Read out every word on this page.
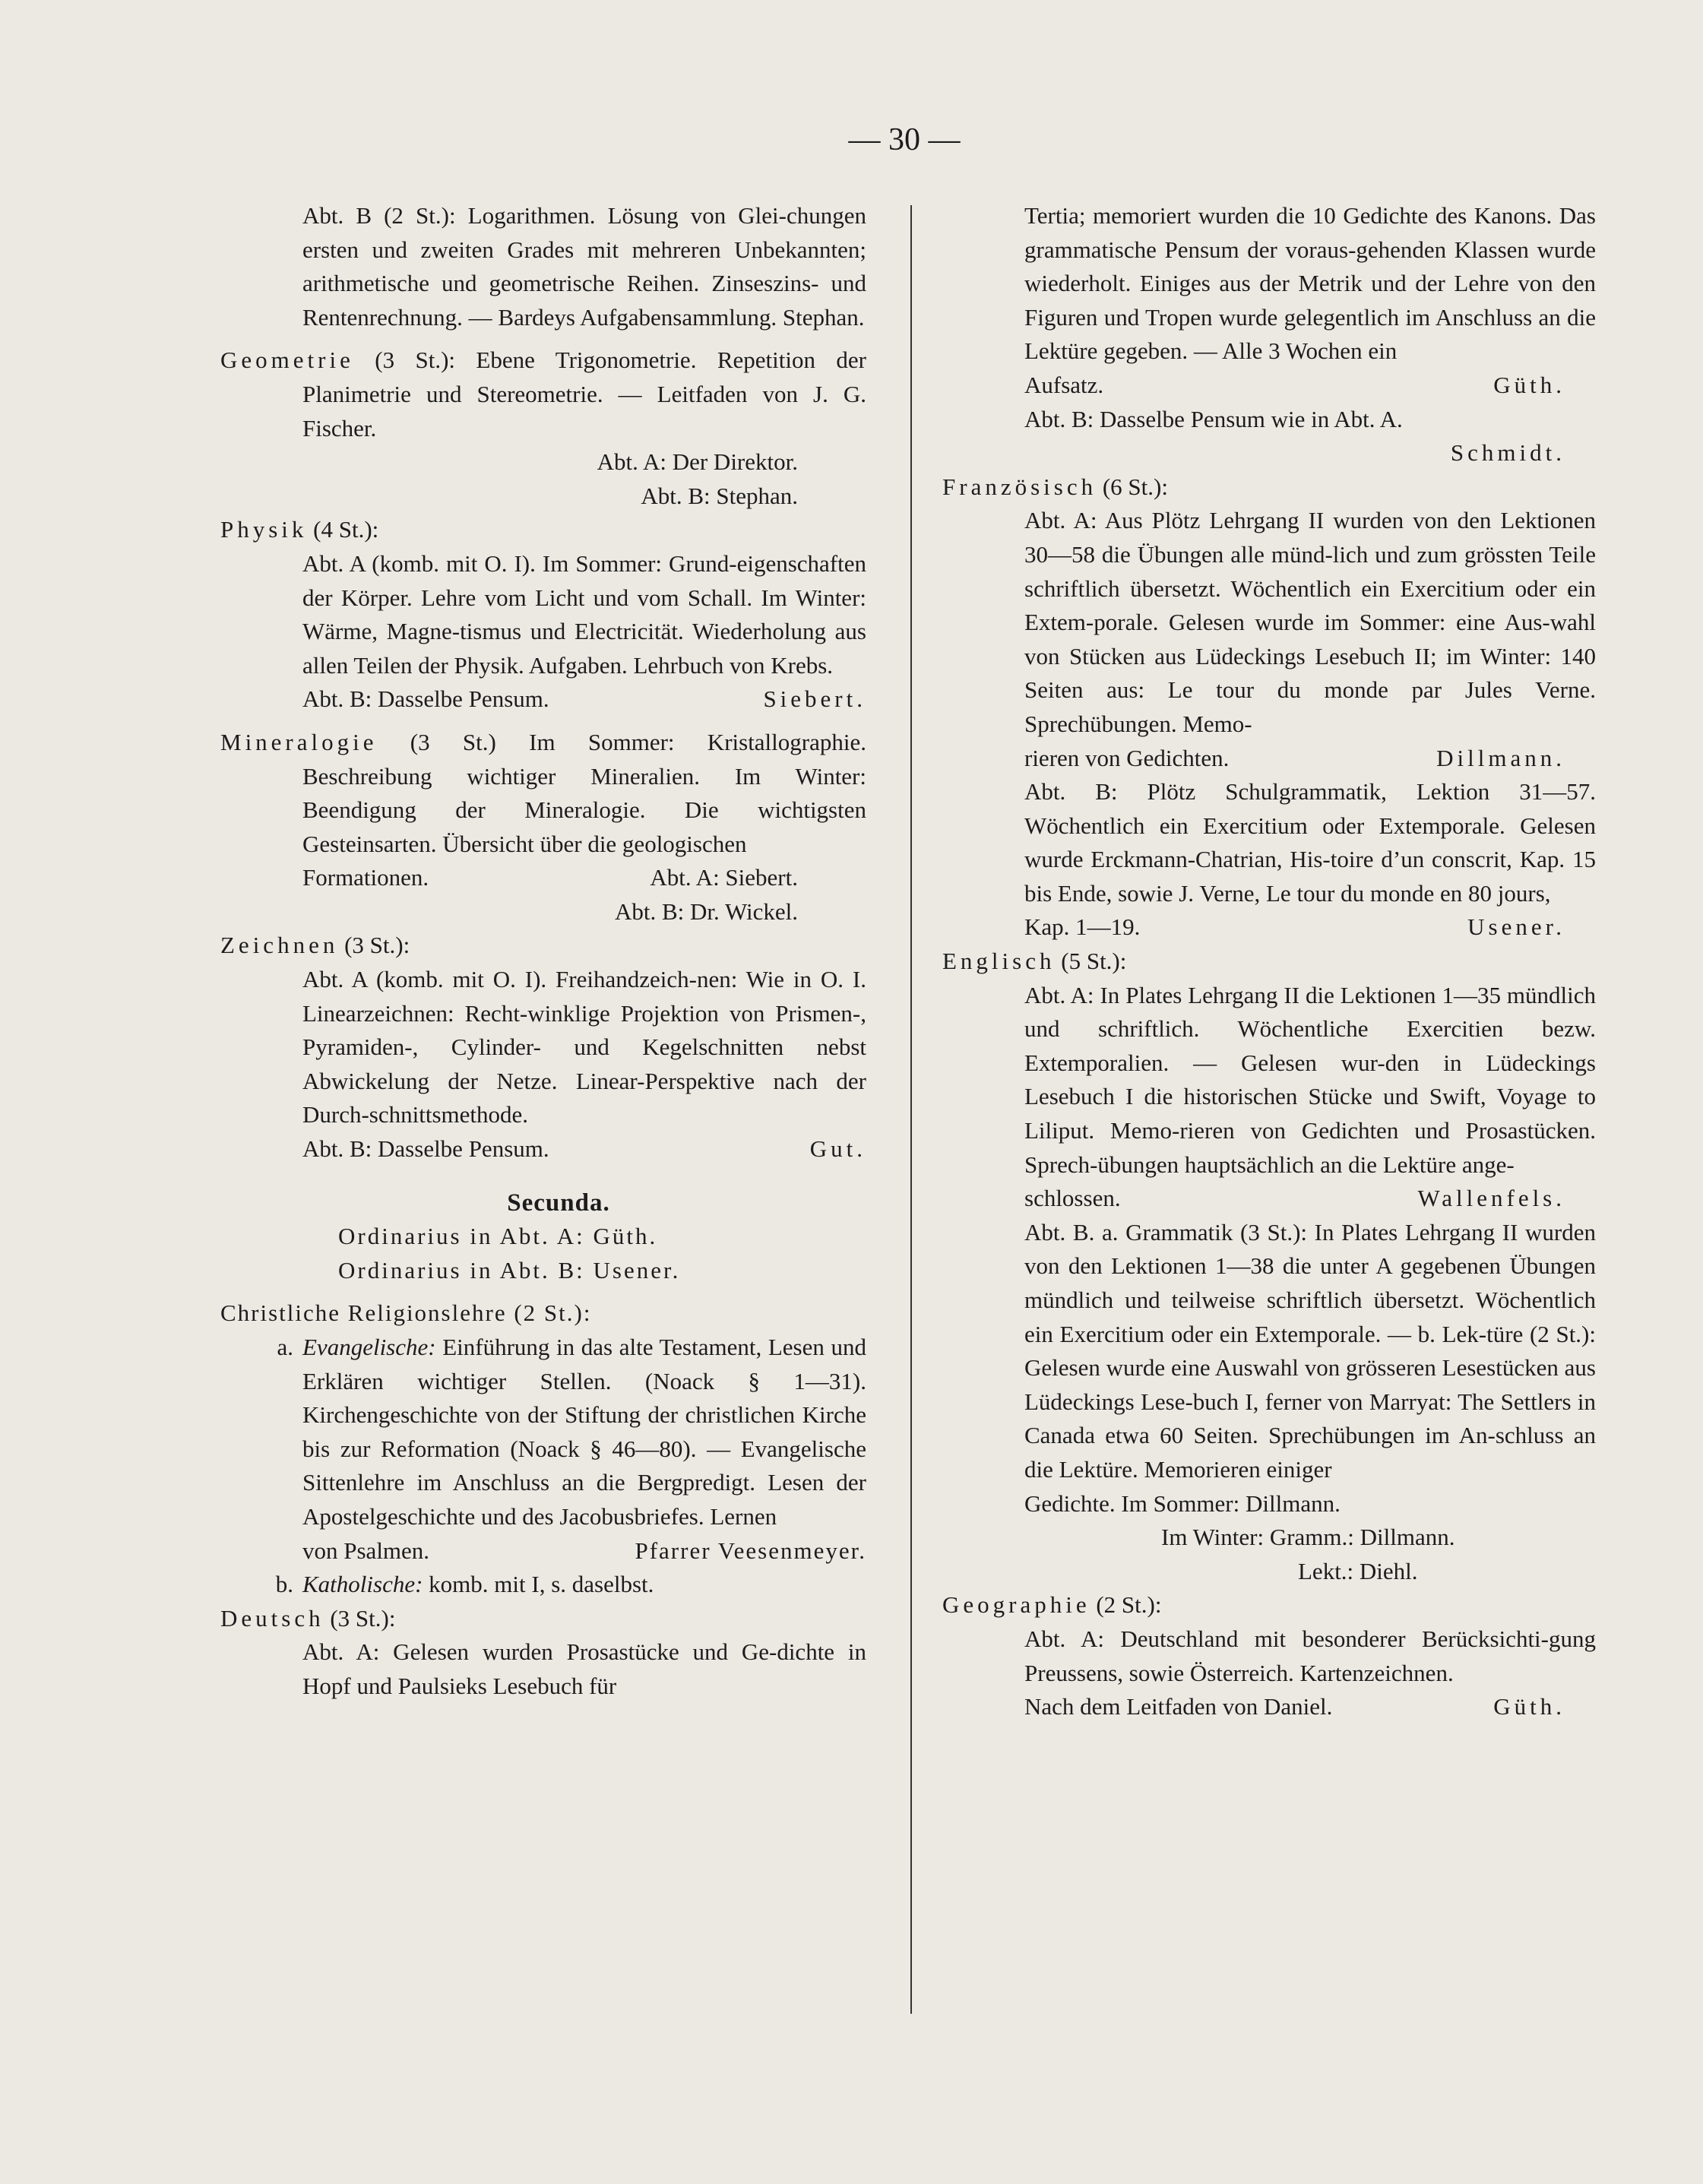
— 30 —
Abt. B (2 St.): Logarithmen. Lösung von Glei-chungen ersten und zweiten Grades mit mehreren Unbekannten; arithmetische und geometrische Reihen. Zinseszins- und Rentenrechnung. — Bardeys Aufgabensammlung. Stephan.
Geometrie (3 St.): Ebene Trigonometrie. Repetition der Planimetrie und Stereometrie. — Leitfaden von J. G. Fischer.
Abt. A: Der Direktor.
Abt. B: Stephan.
Physik (4 St.):
Abt. A (komb. mit O. I). Im Sommer: Grund-eigenschaften der Körper. Lehre vom Licht und vom Schall. Im Winter: Wärme, Magne-tismus und Electricität. Wiederholung aus allen Teilen der Physik. Aufgaben. Lehrbuch von Krebs.
Abt. B: Dasselbe Pensum.	Siebert.
Mineralogie (3 St.) Im Sommer: Kristallographie. Beschreibung wichtiger Mineralien. Im Winter: Beendigung der Mineralogie. Die wichtigsten Gesteinsarten. Übersicht über die geologischen
Formationen.	Abt. A: Siebert.
Abt. B: Dr. Wickel.
Zeichnen (3 St.):
Abt. A (komb. mit O. I). Freihandzeich-nen: Wie in O. I. Linearzeichnen: Recht-winklige Projektion von Prismen-, Pyramiden-, Cylinder- und Kegelschnitten nebst Abwickelung der Netze. Linear-Perspektive nach der Durch-schnittsmethode.
Abt. B: Dasselbe Pensum.	Gut.
Secunda.
Ordinarius in Abt. A: Güth.
Ordinarius in Abt. B: Usener.
Christliche Religionslehre (2 St.):
a. Evangelische: Einführung in das alte Testament, Lesen und Erklären wichtiger Stellen. (Noack § 1—31). Kirchengeschichte von der Stiftung der christlichen Kirche bis zur Reformation (Noack § 46—80). — Evangelische Sittenlehre im Anschluss an die Bergpredigt. Lesen der Apostelgeschichte und des Jacobusbriefes. Lernen
von Psalmen.	Pfarrer Veesenmeyer.
b. Katholische: komb. mit I, s. daselbst.
Deutsch (3 St.):
Abt. A: Gelesen wurden Prosastücke und Ge-dichte in Hopf und Paulsieks Lesebuch für
Tertia; memoriert wurden die 10 Gedichte des Kanons. Das grammatische Pensum der voraus-gehenden Klassen wurde wiederholt. Einiges aus der Metrik und der Lehre von den Figuren und Tropen wurde gelegentlich im Anschluss an die Lektüre gegeben. — Alle 3 Wochen ein
Aufsatz.	Güth.
Abt. B: Dasselbe Pensum wie in Abt. A.
Schmidt.
Französisch (6 St.):
Abt. A: Aus Plötz Lehrgang II wurden von den Lektionen 30—58 die Übungen alle münd-lich und zum grössten Teile schriftlich übersetzt. Wöchentlich ein Exercitium oder ein Extem-porale. Gelesen wurde im Sommer: eine Aus-wahl von Stücken aus Lüdeckings Lesebuch II; im Winter: 140 Seiten aus: Le tour du monde par Jules Verne. Sprechübungen. Memo-
rieren von Gedichten.	Dillmann.
Abt. B: Plötz Schulgrammatik, Lektion 31—57. Wöchentlich ein Exercitium oder Extemporale. Gelesen wurde Erckmann-Chatrian, His-toire d’un conscrit, Kap. 15 bis Ende, sowie J. Verne, Le tour du monde en 80 jours,
Kap. 1—19.	Usener.
Englisch (5 St.):
Abt. A: In Plates Lehrgang II die Lektionen 1—35 mündlich und schriftlich. Wöchentliche Exercitien bezw. Extemporalien. — Gelesen wur-den in Lüdeckings Lesebuch I die historischen Stücke und Swift, Voyage to Liliput. Memo-rieren von Gedichten und Prosastücken. Sprech-übungen hauptsächlich an die Lektüre ange-
schlossen.	Wallenfels.
Abt. B. a. Grammatik (3 St.): In Plates Lehrgang II wurden von den Lektionen 1—38 die unter A gegebenen Übungen mündlich und teilweise schriftlich übersetzt. Wöchentlich ein Exercitium oder ein Extemporale. — b. Lek-türe (2 St.): Gelesen wurde eine Auswahl von grösseren Lesestücken aus Lüdeckings Lese-buch I, ferner von Marryat: The Settlers in Canada etwa 60 Seiten. Sprechübungen im An-schluss an die Lektüre. Memorieren einiger
Gedichte. Im Sommer: Dillmann.
Im Winter: Gramm.: Dillmann.
Lekt.: Diehl.
Geographie (2 St.):
Abt. A: Deutschland mit besonderer Berücksichti-gung Preussens, sowie Österreich. Kartenzeichnen.
Nach dem Leitfaden von Daniel.	Güth.
